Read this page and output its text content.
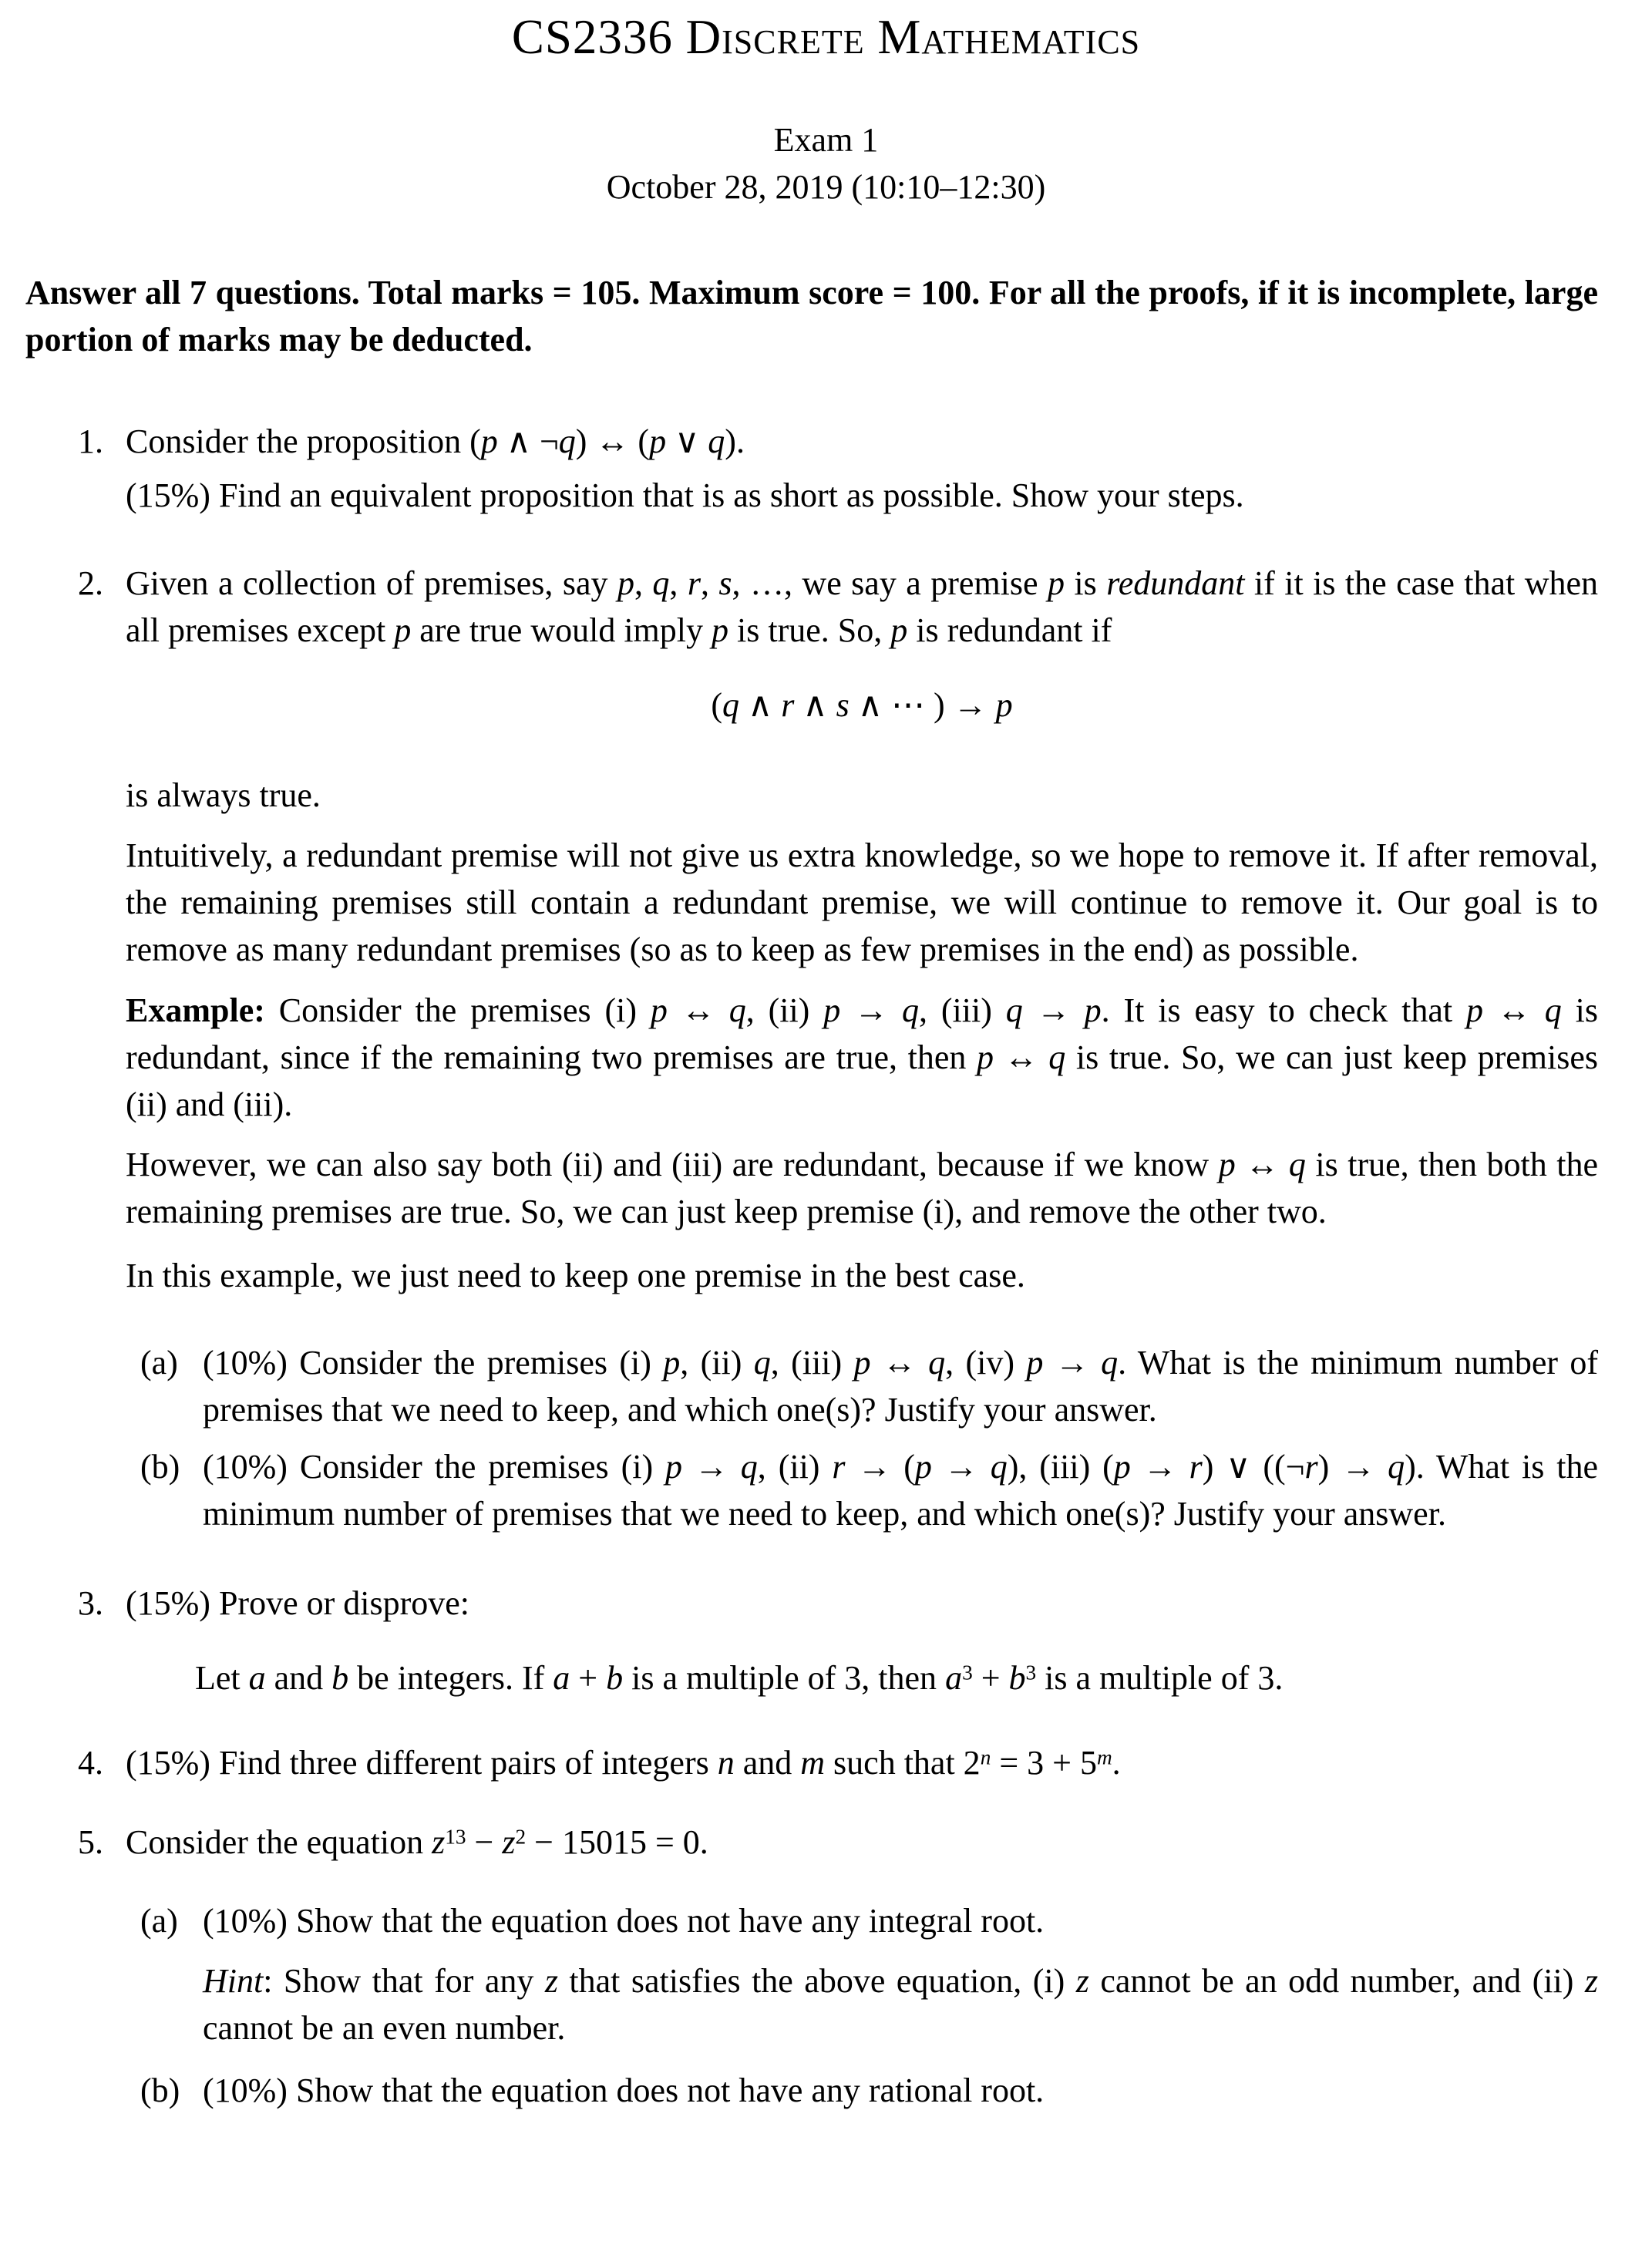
CS2336 Discrete Mathematics
Exam 1
October 28, 2019 (10:10–12:30)
Answer all 7 questions. Total marks = 105. Maximum score = 100. For all the proofs, if it is incomplete, large portion of marks may be deducted.
1. Consider the proposition (p ∧ ¬q) ↔ (p ∨ q).
(15%) Find an equivalent proposition that is as short as possible. Show your steps.
2. Given a collection of premises, say p, q, r, s, …, we say a premise p is redundant if it is the case that when all premises except p are true would imply p is true. So, p is redundant if
(q ∧ r ∧ s ∧ ⋯ ) → p
is always true.
Intuitively, a redundant premise will not give us extra knowledge, so we hope to remove it. If after removal, the remaining premises still contain a redundant premise, we will continue to remove it. Our goal is to remove as many redundant premises (so as to keep as few premises in the end) as possible.
Example: Consider the premises (i) p ↔ q, (ii) p → q, (iii) q → p. It is easy to check that p ↔ q is redundant, since if the remaining two premises are true, then p ↔ q is true. So, we can just keep premises (ii) and (iii).
However, we can also say both (ii) and (iii) are redundant, because if we know p ↔ q is true, then both the remaining premises are true. So, we can just keep premise (i), and remove the other two.
In this example, we just need to keep one premise in the best case.
(a) (10%) Consider the premises (i) p, (ii) q, (iii) p ↔ q, (iv) p → q. What is the minimum number of premises that we need to keep, and which one(s)? Justify your answer.
(b) (10%) Consider the premises (i) p → q, (ii) r → (p → q), (iii) (p → r) ∨ ((¬r) → q). What is the minimum number of premises that we need to keep, and which one(s)? Justify your answer.
3. (15%) Prove or disprove:
Let a and b be integers. If a + b is a multiple of 3, then $a^3 + b^3$ is a multiple of 3.
4. (15%) Find three different pairs of integers n and m such that $2^n = 3 + 5^m$.
5. Consider the equation $z^{13} - z^2 - 15015 = 0$.
(a) (10%) Show that the equation does not have any integral root.
Hint: Show that for any z that satisfies the above equation, (i) z cannot be an odd number, and (ii) z cannot be an even number.
(b) (10%) Show that the equation does not have any rational root.
